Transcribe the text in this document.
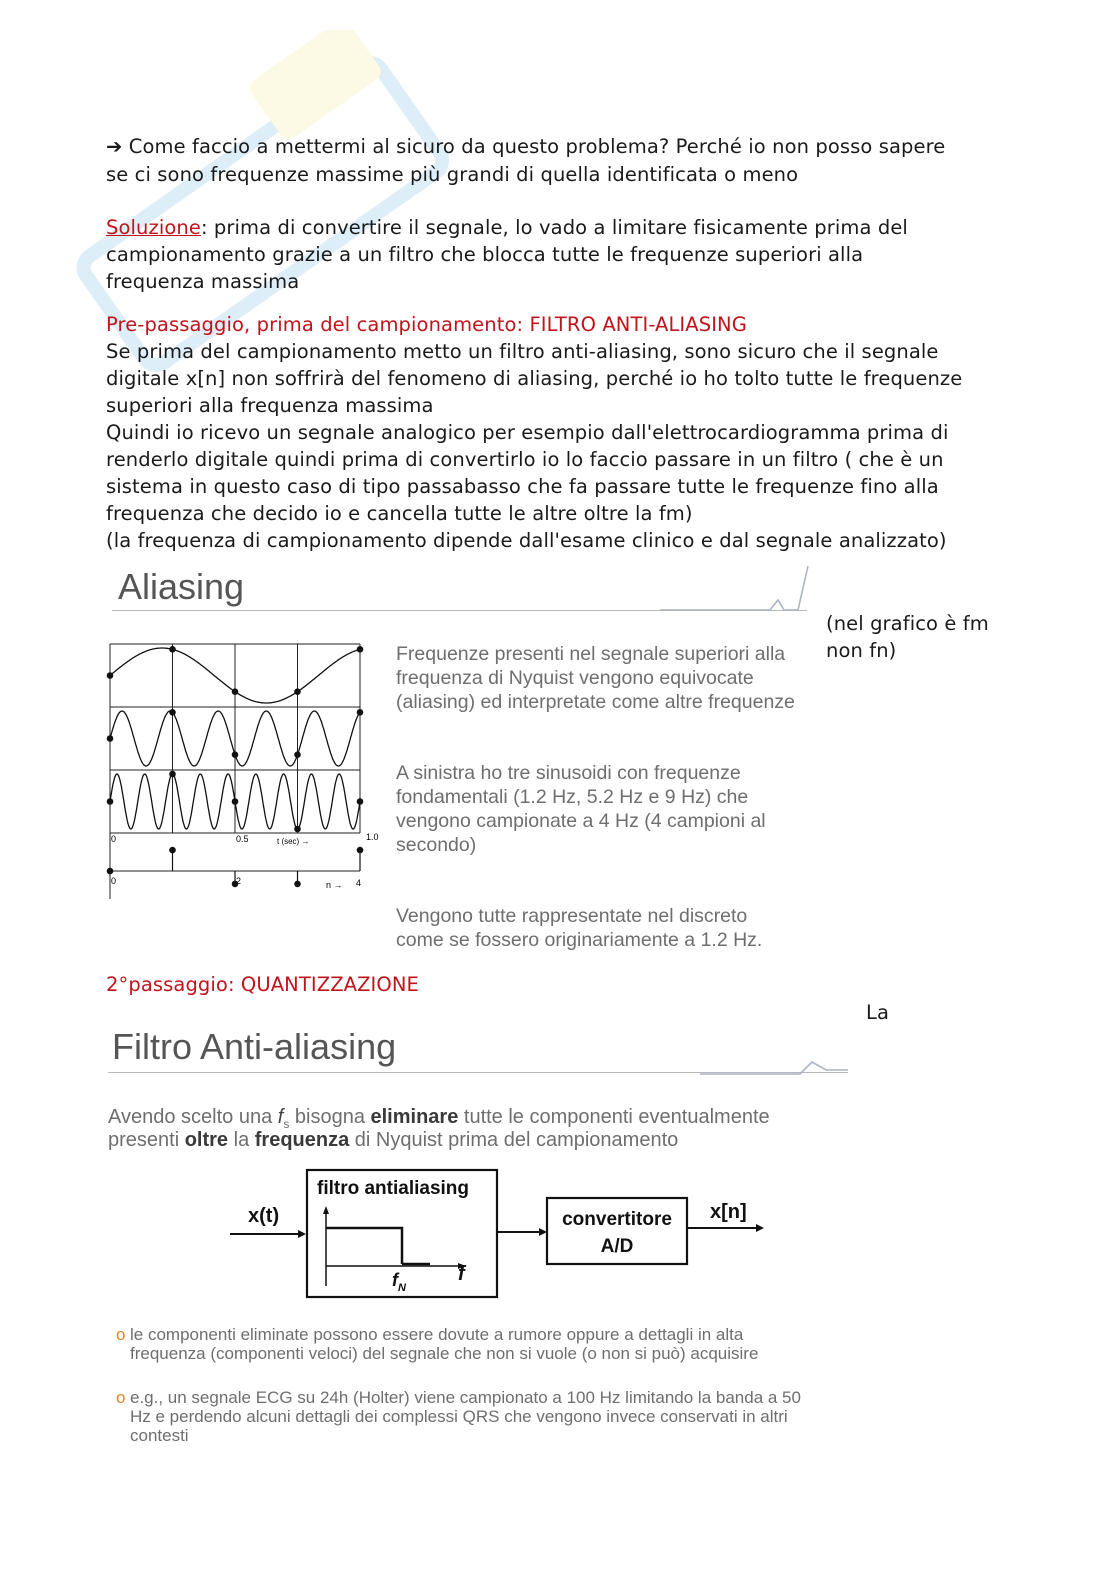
➔ Come faccio a mettermi al sicuro da questo problema? Perché io non posso sapere

se ci sono frequenze massime più grandi di quella identificata o meno

Soluzione: prima di convertire il segnale, lo vado a limitare fisicamente prima del

campionamento grazie a un filtro che blocca tutte le frequenze superiori alla

frequenza massima

Pre-passaggio, prima del campionamento: FILTRO ANTI-ALIASING

Se prima del campionamento metto un filtro anti-aliasing, sono sicuro che il segnale

digitale x[n] non soffrirà del fenomeno di aliasing, perché io ho tolto tutte le frequenze

superiori alla frequenza massima

Quindi io ricevo un segnale analogico per esempio dall'elettrocardiogramma prima di

renderlo digitale quindi prima di convertirlo io lo faccio passare in un filtro ( che è un

sistema in questo caso di tipo passabasso che fa passare tutte le frequenze fino alla

frequenza che decido io e cancella tutte le altre oltre la fm)

(la frequenza di campionamento dipende dall'esame clinico e dal segnale analizzato)

Aliasing

(nel grafico è fm

non fn)

0	0.5	1.0
t (sec) →
0	2	4
n →

Frequenze presenti nel segnale superiori alla

frequenza di Nyquist vengono equivocate

(aliasing) ed interpretate come altre frequenze

A sinistra ho tre sinusoidi con frequenze

fondamentali (1.2 Hz, 5.2 Hz e 9 Hz) che

vengono campionate a 4 Hz (4 campioni al

secondo)

Vengono tutte rappresentate nel discreto

come se fossero originariamente a 1.2 Hz.

2°passaggio: QUANTIZZAZIONE

La

Filtro Anti-aliasing

Avendo scelto una $f_s$ bisogna eliminare tutte le componenti eventualmente

presenti oltre la frequenza di Nyquist prima del campionamento

x(t)
filtro antialiasing
$f_N$
f
convertitore
A/D
x[n]
o le componenti eliminate possono essere dovute a rumore oppure a dettagli in alta
frequenza (componenti veloci) del segnale che non si vuole (o non si può) acquisire
o e.g., un segnale ECG su 24h (Holter) viene campionato a 100 Hz limitando la banda a 50
Hz e perdendo alcuni dettagli dei complessi QRS che vengono invece conservati in altri
contesti
